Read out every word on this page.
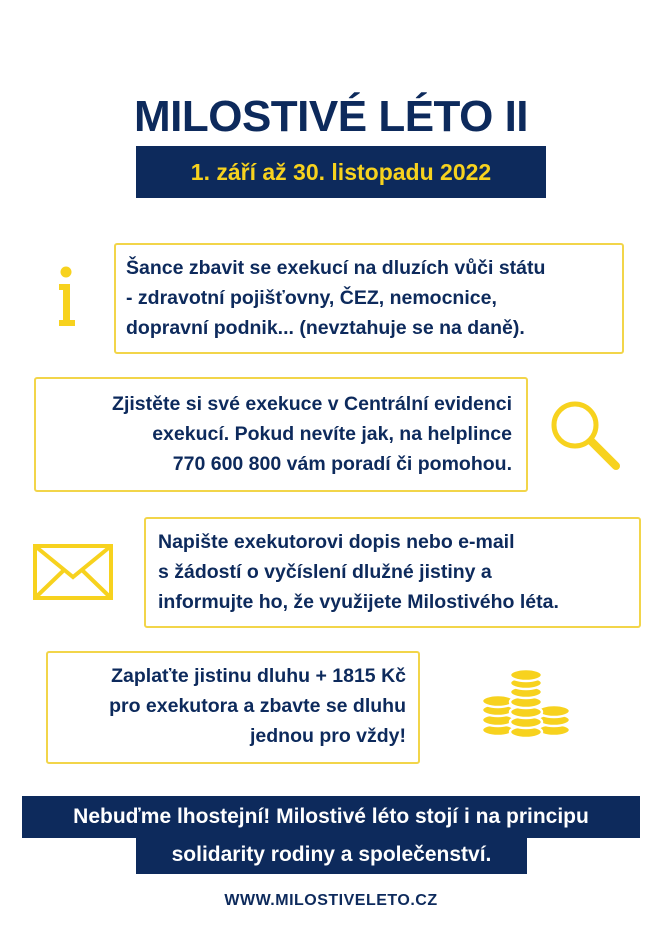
MILOSTIVÉ LÉTO II
1. září až 30. listopadu 2022
Šance zbavit se exekucí na dluzích vůči státu
- zdravotní pojišťovny, ČEZ, nemocnice,
dopravní podnik... (nevztahuje se na daně).
Zjistěte si své exekuce v Centrální evidenci
exekucí. Pokud nevíte jak, na helplince
770 600 800 vám poradí či pomohou.
Napište exekutorovi dopis nebo e-mail
s žádostí o vyčíslení dlužné jistiny a
informujte ho, že využijete Milostivého léta.
Zaplaťte jistinu dluhu + 1815 Kč
pro exekutora a zbavte se dluhu
jednou pro vždy!
Nebuďme lhostejní! Milostivé léto stojí i na principu
solidarity rodiny a společenství.
WWW.MILOSTIVELETO.CZ
